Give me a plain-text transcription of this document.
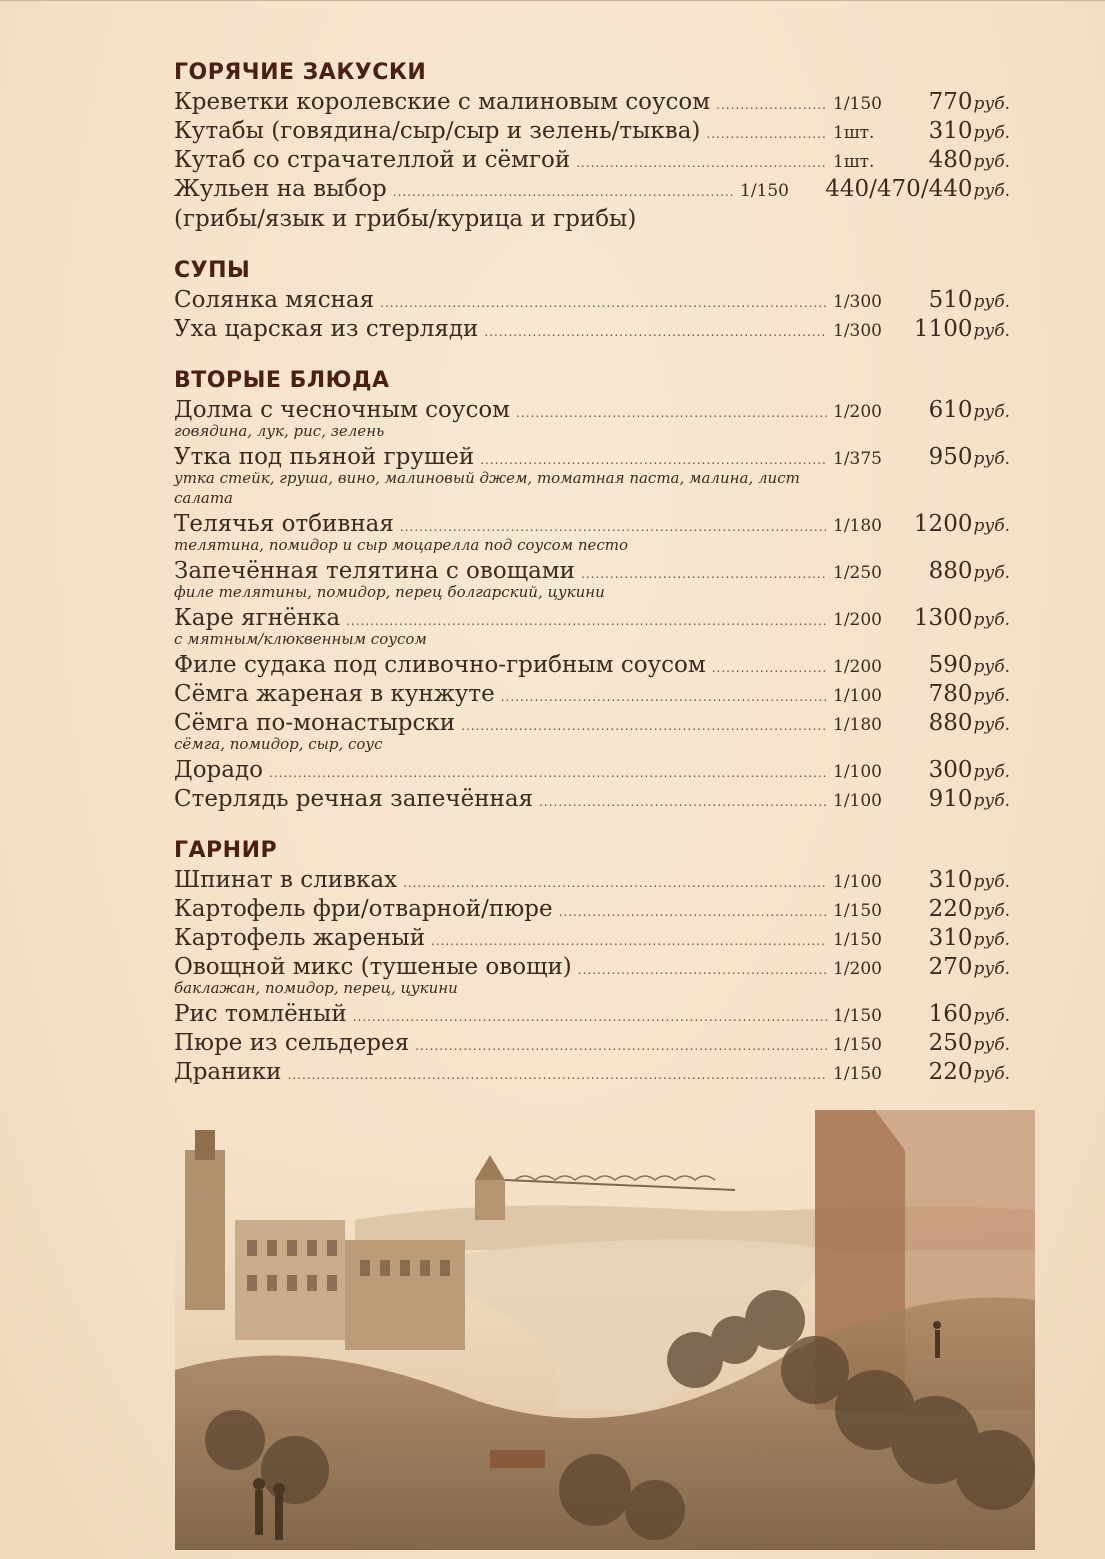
ГОРЯЧИЕ ЗАКУСКИ
Креветки королевские с малиновым соусом .....	1/150	770руб.
Кутабы (говядина/сыр/сыр и зелень/тыква) .....	1шт.	310руб.
Кутаб со страчателлой и сёмгой .....	1шт.	480руб.
Жульен на выбор .....	1/150	440/470/440руб.
(грибы/язык и грибы/курица и грибы)
СУПЫ
Солянка мясная .....	1/300	510руб.
Уха царская из стерляди .....	1/300	1100руб.
ВТОРЫЕ БЛЮДА
Долма с чесночным соусом .....	1/200	610руб.
говядина, лук, рис, зелень
Утка под пьяной грушей .....	1/375	950руб.
утка стейк, груша, вино, малиновый джем, томатная паста, малина, лист салата
Телячья отбивная .....	1/180	1200руб.
телятина, помидор и сыр моцарелла под соусом песто
Запечённая телятина с овощами .....	1/250	880руб.
филе телятины, помидор, перец болгарский, цукини
Каре ягнёнка .....	1/200	1300руб.
с мятным/клюквенным соусом
Филе судака под сливочно-грибным соусом .....	1/200	590руб.
Сёмга жареная в кунжуте .....	1/100	780руб.
Сёмга по-монастырски .....	1/180	880руб.
сёмга, помидор, сыр, соус
Дорадо .....	1/100	300руб.
Стерлядь речная запечённая .....	1/100	910руб.
ГАРНИР
Шпинат в сливках .....	1/100	310руб.
Картофель фри/отварной/пюре .....	1/150	220руб.
Картофель жареный .....	1/150	310руб.
Овощной микс (тушеные овощи) .....	1/200	270руб.
баклажан, помидор, перец, цукини
Рис томлёный .....	1/150	160руб.
Пюре из сельдерея .....	1/150	250руб.
Драники .....	1/150	220руб.
